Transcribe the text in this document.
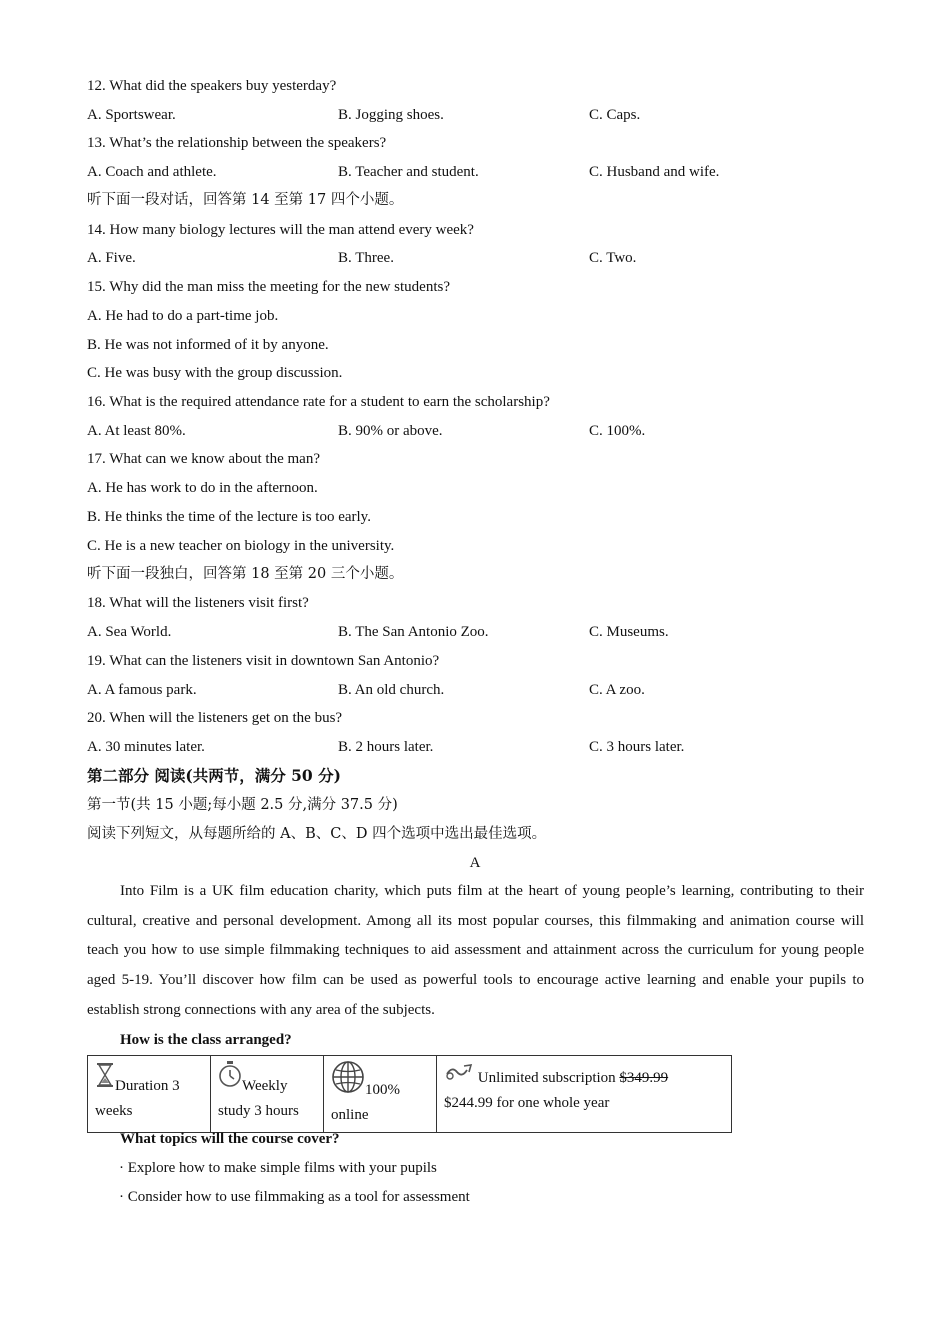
12. What did the speakers buy yesterday?
A. Sportswear.	B. Jogging shoes.	C. Caps.
13. What’s the relationship between the speakers?
A. Coach and athlete.	B. Teacher and student.	C. Husband and wife.
听下面一段对话，回答第 14 至第 17 四个小题。
14. How many biology lectures will the man attend every week?
A. Five.	B. Three.	C. Two.
15. Why did the man miss the meeting for the new students?
A. He had to do a part-time job.
B. He was not informed of it by anyone.
C. He was busy with the group discussion.
16. What is the required attendance rate for a student to earn the scholarship?
A. At least 80%.	B. 90% or above.	C. 100%.
17. What can we know about the man?
A. He has work to do in the afternoon.
B. He thinks the time of the lecture is too early.
C. He is a new teacher on biology in the university.
听下面一段独白，回答第 18 至第 20 三个小题。
18. What will the listeners visit first?
A. Sea World.	B. The San Antonio Zoo.	C. Museums.
19. What can the listeners visit in downtown San Antonio?
A. A famous park.	B. An old church.	C. A zoo.
20. When will the listeners get on the bus?
A. 30 minutes later.	B. 2 hours later.	C. 3 hours later.
第二部分 阅读(共两节，满分 50 分)
第一节(共 15 小题;每小题 2.5 分,满分 37.5 分)
阅读下列短文，从每题所给的 A、B、C、D 四个选项中选出最佳选项。
A
Into Film is a UK film education charity, which puts film at the heart of young people’s learning, contributing to their cultural, creative and personal development. Among all its most popular courses, this filmmaking and animation course will teach you how to use simple filmmaking techniques to aid assessment and attainment across the curriculum for young people aged 5-19. You’ll discover how film can be used as powerful tools to encourage active learning and enable your pupils to establish strong connections with any area of the subjects.
How is the class arranged?
Duration 3 weeks	Weekly study 3 hours	100% online	Unlimited subscription $349.99
$244.99 for one whole year
What topics will the course cover?
· Explore how to make simple films with your pupils
· Consider how to use filmmaking as a tool for assessment
